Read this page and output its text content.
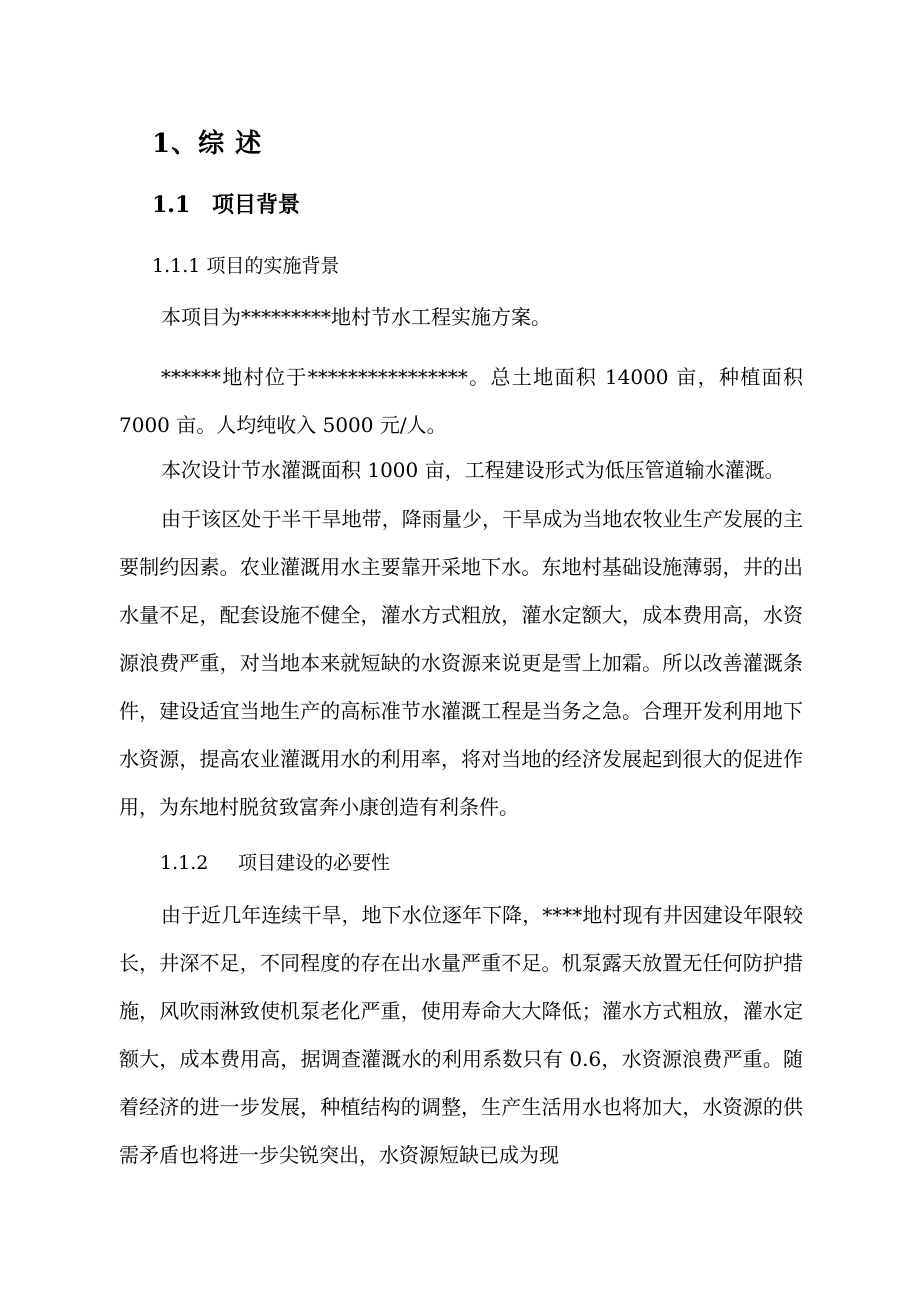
1、综 述
1.1 项目背景
1.1.1 项目的实施背景

本项目为*********地村节水工程实施方案。

******地村位于****************。总土地面积 14000 亩，种植面积 7000 亩。人均纯收入 5000 元/人。

本次设计节水灌溉面积 1000 亩，工程建设形式为低压管道输水灌溉。

由于该区处于半干旱地带，降雨量少，干旱成为当地农牧业生产发展的主要制约因素。农业灌溉用水主要靠开采地下水。东地村基础设施薄弱，井的出水量不足，配套设施不健全，灌水方式粗放，灌水定额大，成本费用高，水资源浪费严重，对当地本来就短缺的水资源来说更是雪上加霜。所以改善灌溉条件，建设适宜当地生产的高标准节水灌溉工程是当务之急。合理开发利用地下水资源，提高农业灌溉用水的利用率，将对当地的经济发展起到很大的促进作用，为东地村脱贫致富奔小康创造有利条件。

1.1.2 项目建设的必要性

由于近几年连续干旱，地下水位逐年下降，****地村现有井因建设年限较长，井深不足，不同程度的存在出水量严重不足。机泵露天放置无任何防护措施，风吹雨淋致使机泵老化严重，使用寿命大大降低；灌水方式粗放，灌水定额大，成本费用高，据调查灌溉水的利用系数只有 0.6，水资源浪费严重。随着经济的进一步发展，种植结构的调整，生产生活用水也将加大，水资源的供需矛盾也将进一步尖锐突出，水资源短缺已成为现
